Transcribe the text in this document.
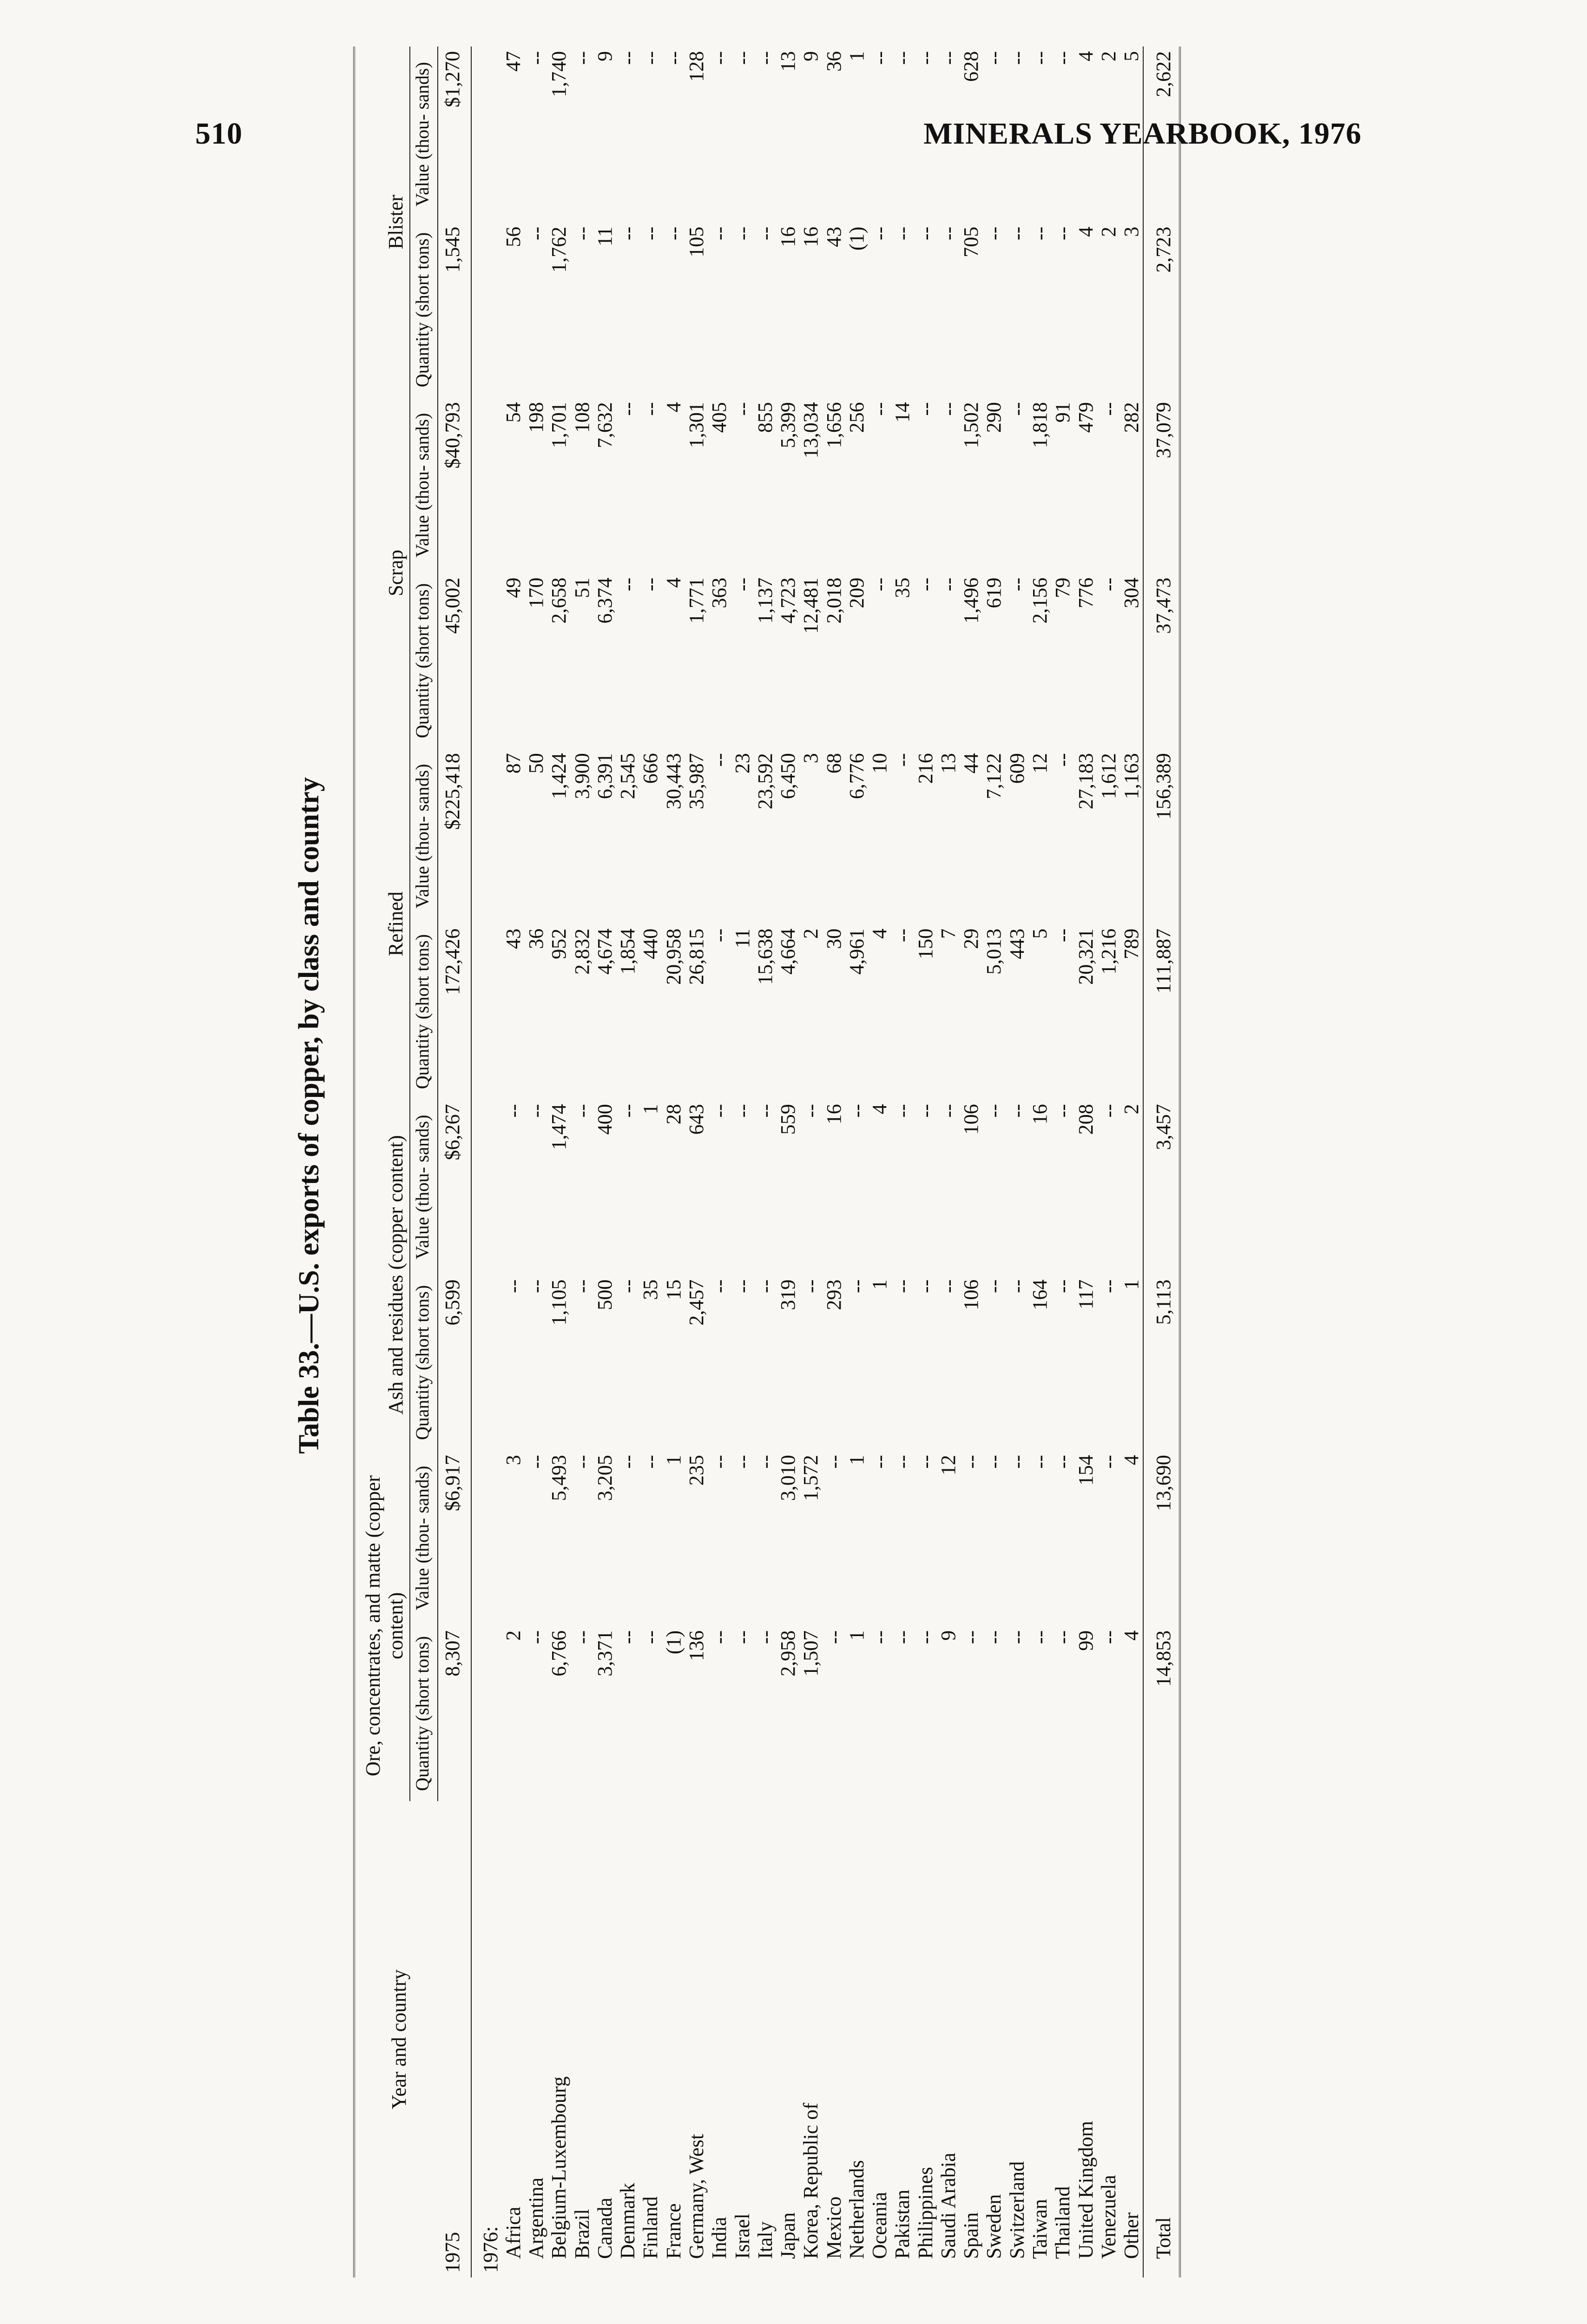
510	MINERALS YEARBOOK, 1976
Table 33.—U.S. exports of copper, by class and country
Year and country	Ore, concentrates, and matte (copper content)		Ash and residues (copper content)		Refined		Scrap		Blister	
	Quantity (short tons)	Value (thou- sands)	Quantity (short tons)	Value (thou- sands)	Quantity (short tons)	Value (thou- sands)	Quantity (short tons)	Value (thou- sands)	Quantity (short tons)	Value (thou- sands)
1975	8,307	$6,917	6,599	$6,267	172,426	$225,418	45,002	$40,793	1,545	$1,270
1976:										
Africa	2	3	--	--	43	87	49	54	56	47
Argentina	--	--	--	--	36	50	170	198	--	--
Belgium-Luxembourg	6,766	5,493	1,105	1,474	952	1,424	2,658	1,701	1,762	1,740
Brazil	--	--	--	--	2,832	3,900	51	108	--	--
Canada	3,371	3,205	500	400	4,674	6,391	6,374	7,632	11	9
Denmark	--	--	--	--	1,854	2,545	--	--	--	--
Finland	--	--	35	1	440	666	--	--	--	--
France	(1)	1	15	28	20,958	30,443	4	4	--	--
Germany, West	136	235	2,457	643	26,815	35,987	1,771	1,301	105	128
India	--	--	--	--	--	--	363	405	--	--
Israel	--	--	--	--	11	23	--	--	--	--
Italy	--	--	--	--	15,638	23,592	1,137	855	--	--
Japan	2,958	3,010	319	559	4,664	6,450	4,723	5,399	16	13
Korea, Republic of	1,507	1,572	--	--	2	3	12,481	13,034	16	9
Mexico	--	--	293	16	30	68	2,018	1,656	43	36
Netherlands	1	1	--	--	4,961	6,776	209	256	(1)	1
Oceania	--	--	1	4	4	10	--	--	--	--
Pakistan	--	--	--	--	--	--	35	14	--	--
Philippines	--	--	--	--	150	216	--	--	--	--
Saudi Arabia	9	12	--	--	7	13	--	--	--	--
Spain	--	--	106	106	29	44	1,496	1,502	705	628
Sweden	--	--	--	--	5,013	7,122	619	290	--	--
Switzerland	--	--	--	--	443	609	--	--	--	--
Taiwan	--	--	164	16	5	12	2,156	1,818	--	--
Thailand	--	--	--	--	--	--	79	91	--	--
United Kingdom	99	154	117	208	20,321	27,183	776	479	4	4
Venezuela	--	--	--	--	1,216	1,612	--	--	2	2
Other	4	4	1	2	789	1,163	304	282	3	5
Total	14,853	13,690	5,113	3,457	111,887	156,389	37,473	37,079	2,723	2,622
